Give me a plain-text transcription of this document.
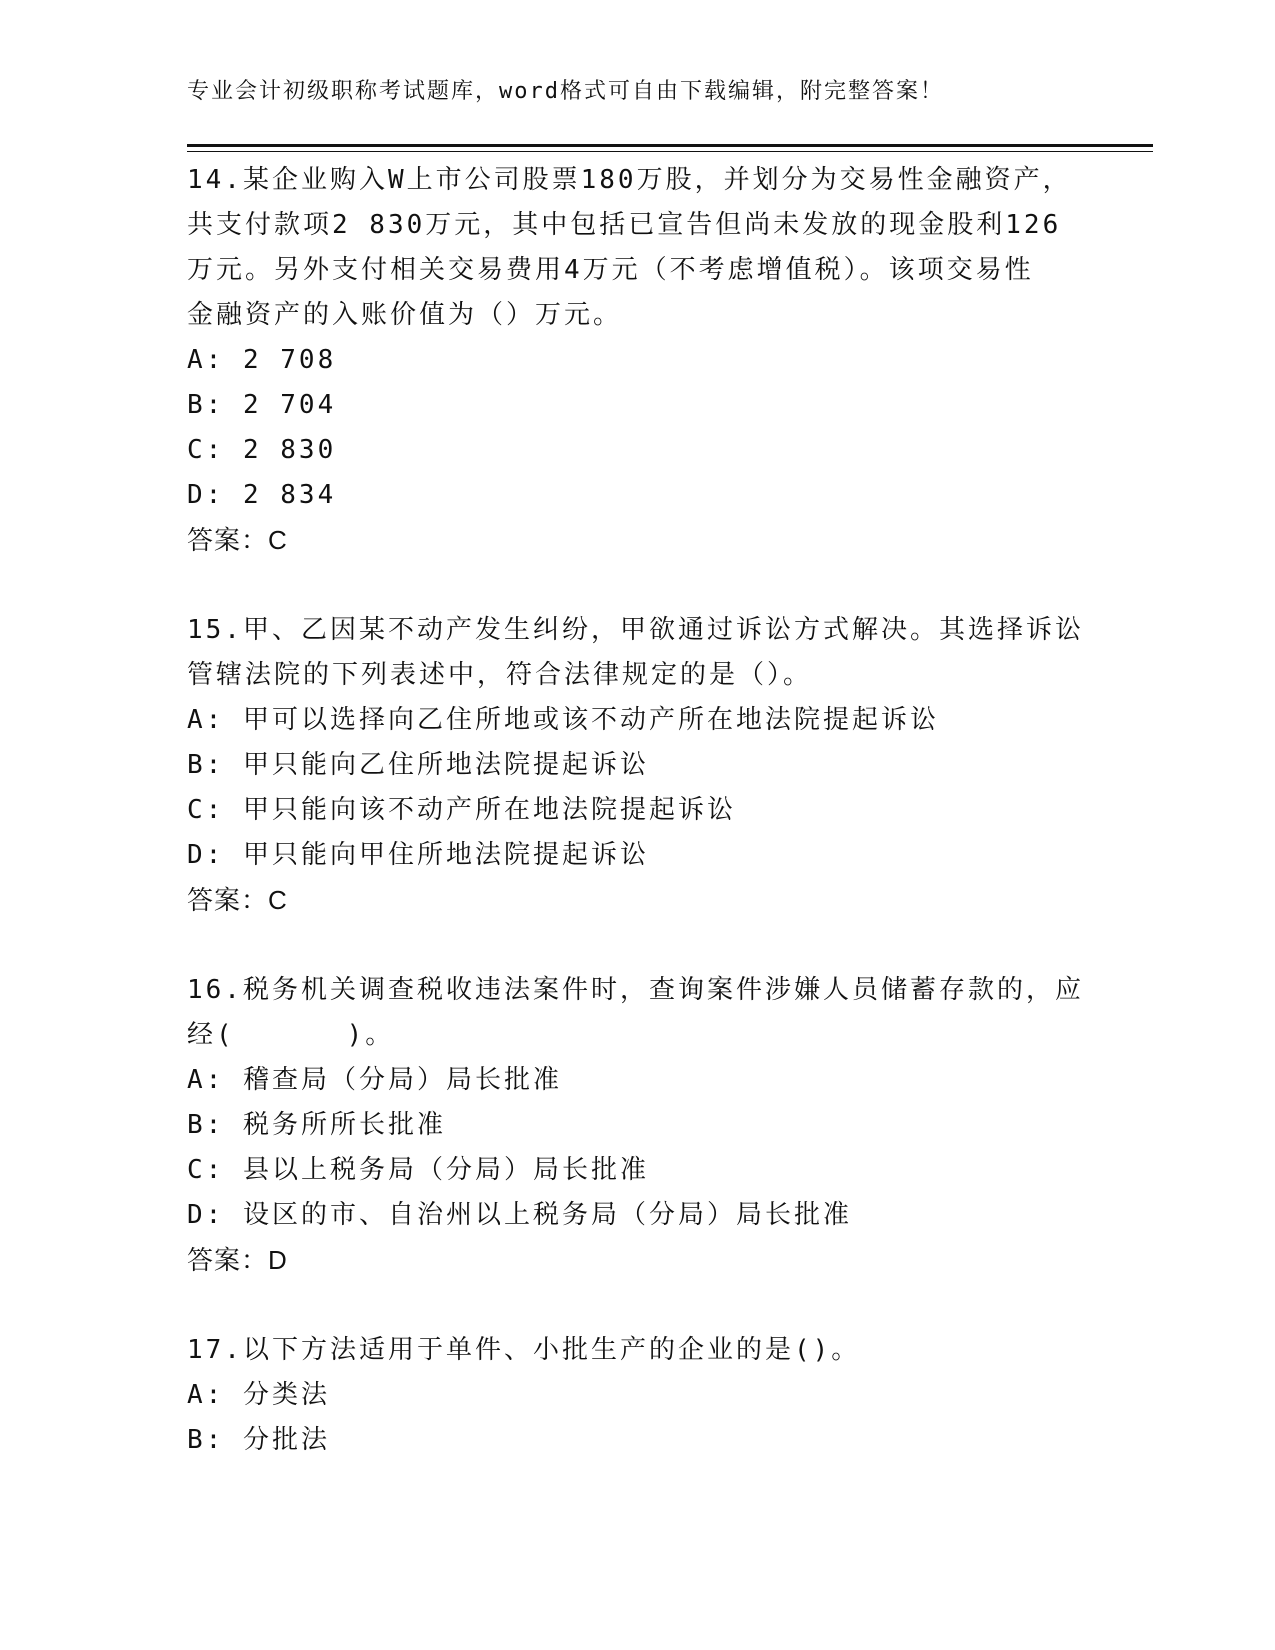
专业会计初级职称考试题库，word格式可自由下载编辑，附完整答案！
14.某企业购入W上市公司股票180万股，并划分为交易性金融资产，
共支付款项2 830万元，其中包括已宣告但尚未发放的现金股利126
万元。另外支付相关交易费用4万元（不考虑增值税）。该项交易性
金融资产的入账价值为（）万元。
A: 2 708
B: 2 704
C: 2 830
D: 2 834
答案：C
15.甲、乙因某不动产发生纠纷，甲欲通过诉讼方式解决。其选择诉讼
管辖法院的下列表述中，符合法律规定的是（）。
A: 甲可以选择向乙住所地或该不动产所在地法院提起诉讼
B: 甲只能向乙住所地法院提起诉讼
C: 甲只能向该不动产所在地法院提起诉讼
D: 甲只能向甲住所地法院提起诉讼
答案：C
16.税务机关调查税收违法案件时，查询案件涉嫌人员储蓄存款的，应
经(      )。
A: 稽查局（分局）局长批准
B: 税务所所长批准
C: 县以上税务局（分局）局长批准
D: 设区的市、自治州以上税务局（分局）局长批准
答案：D
17.以下方法适用于单件、小批生产的企业的是()。
A: 分类法
B: 分批法
